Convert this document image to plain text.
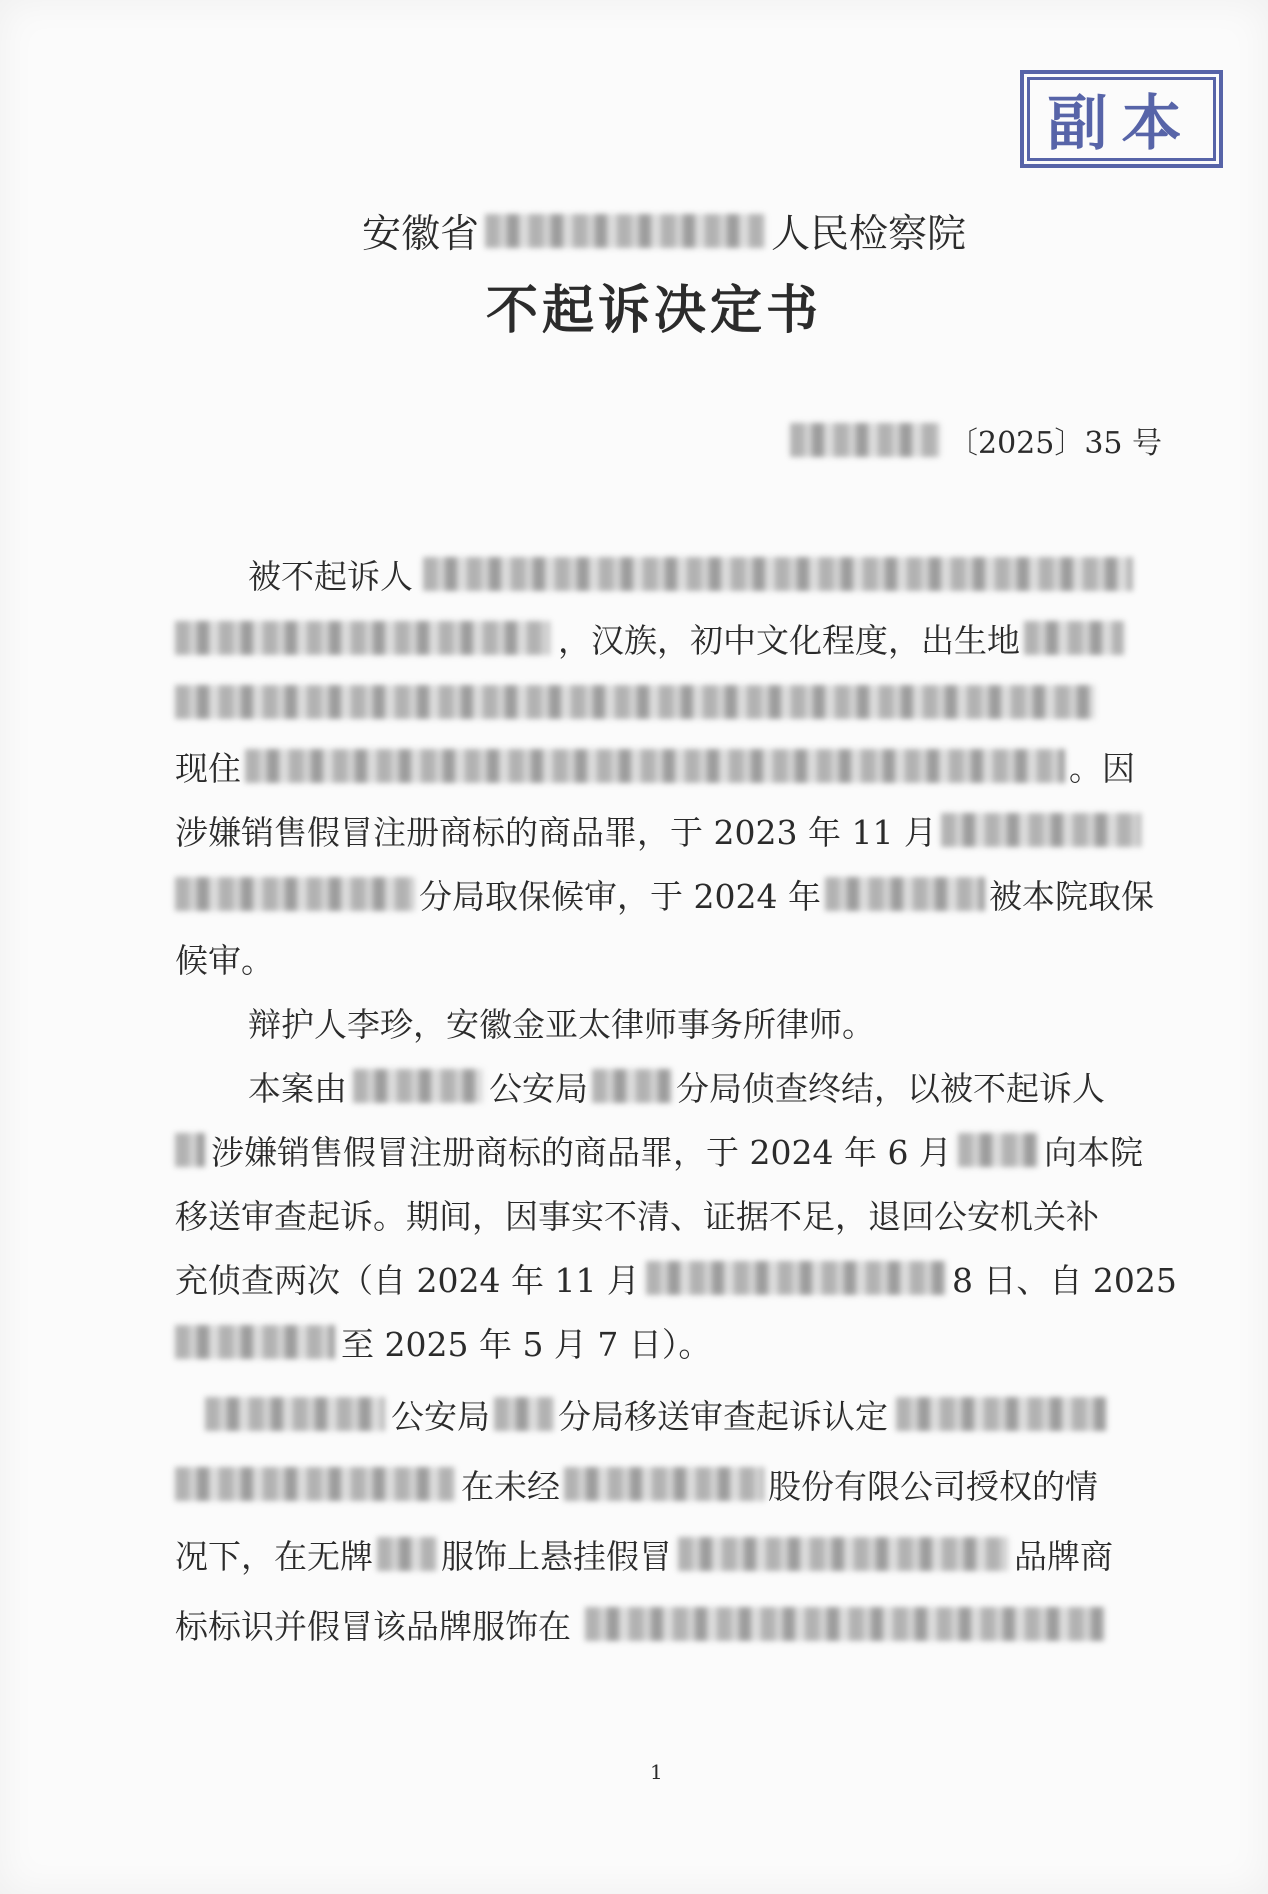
副本
安徽省	人民检察院
不起诉决定书
〔2025〕35 号
被不起诉人
，汉族，初中文化程度，出生地
现住	。因
涉嫌销售假冒注册商标的商品罪，于 2023 年 11 月
分局取保候审，于 2024 年	被本院取保
候审。
辩护人李珍，安徽金亚太律师事务所律师。
本案由	公安局	分局侦查终结，以被不起诉人
涉嫌销售假冒注册商标的商品罪，于 2024 年 6 月	向本院
移送审查起诉。期间，因事实不清、证据不足，退回公安机关补
充侦查两次（自 2024 年 11 月	8 日、自 2025
至 2025 年 5 月 7 日）。
公安局 分局移送审查起诉认定
在未经	股份有限公司授权的情
况下，在无牌 服饰上悬挂假冒	品牌商
标标识并假冒该品牌服饰在
1
